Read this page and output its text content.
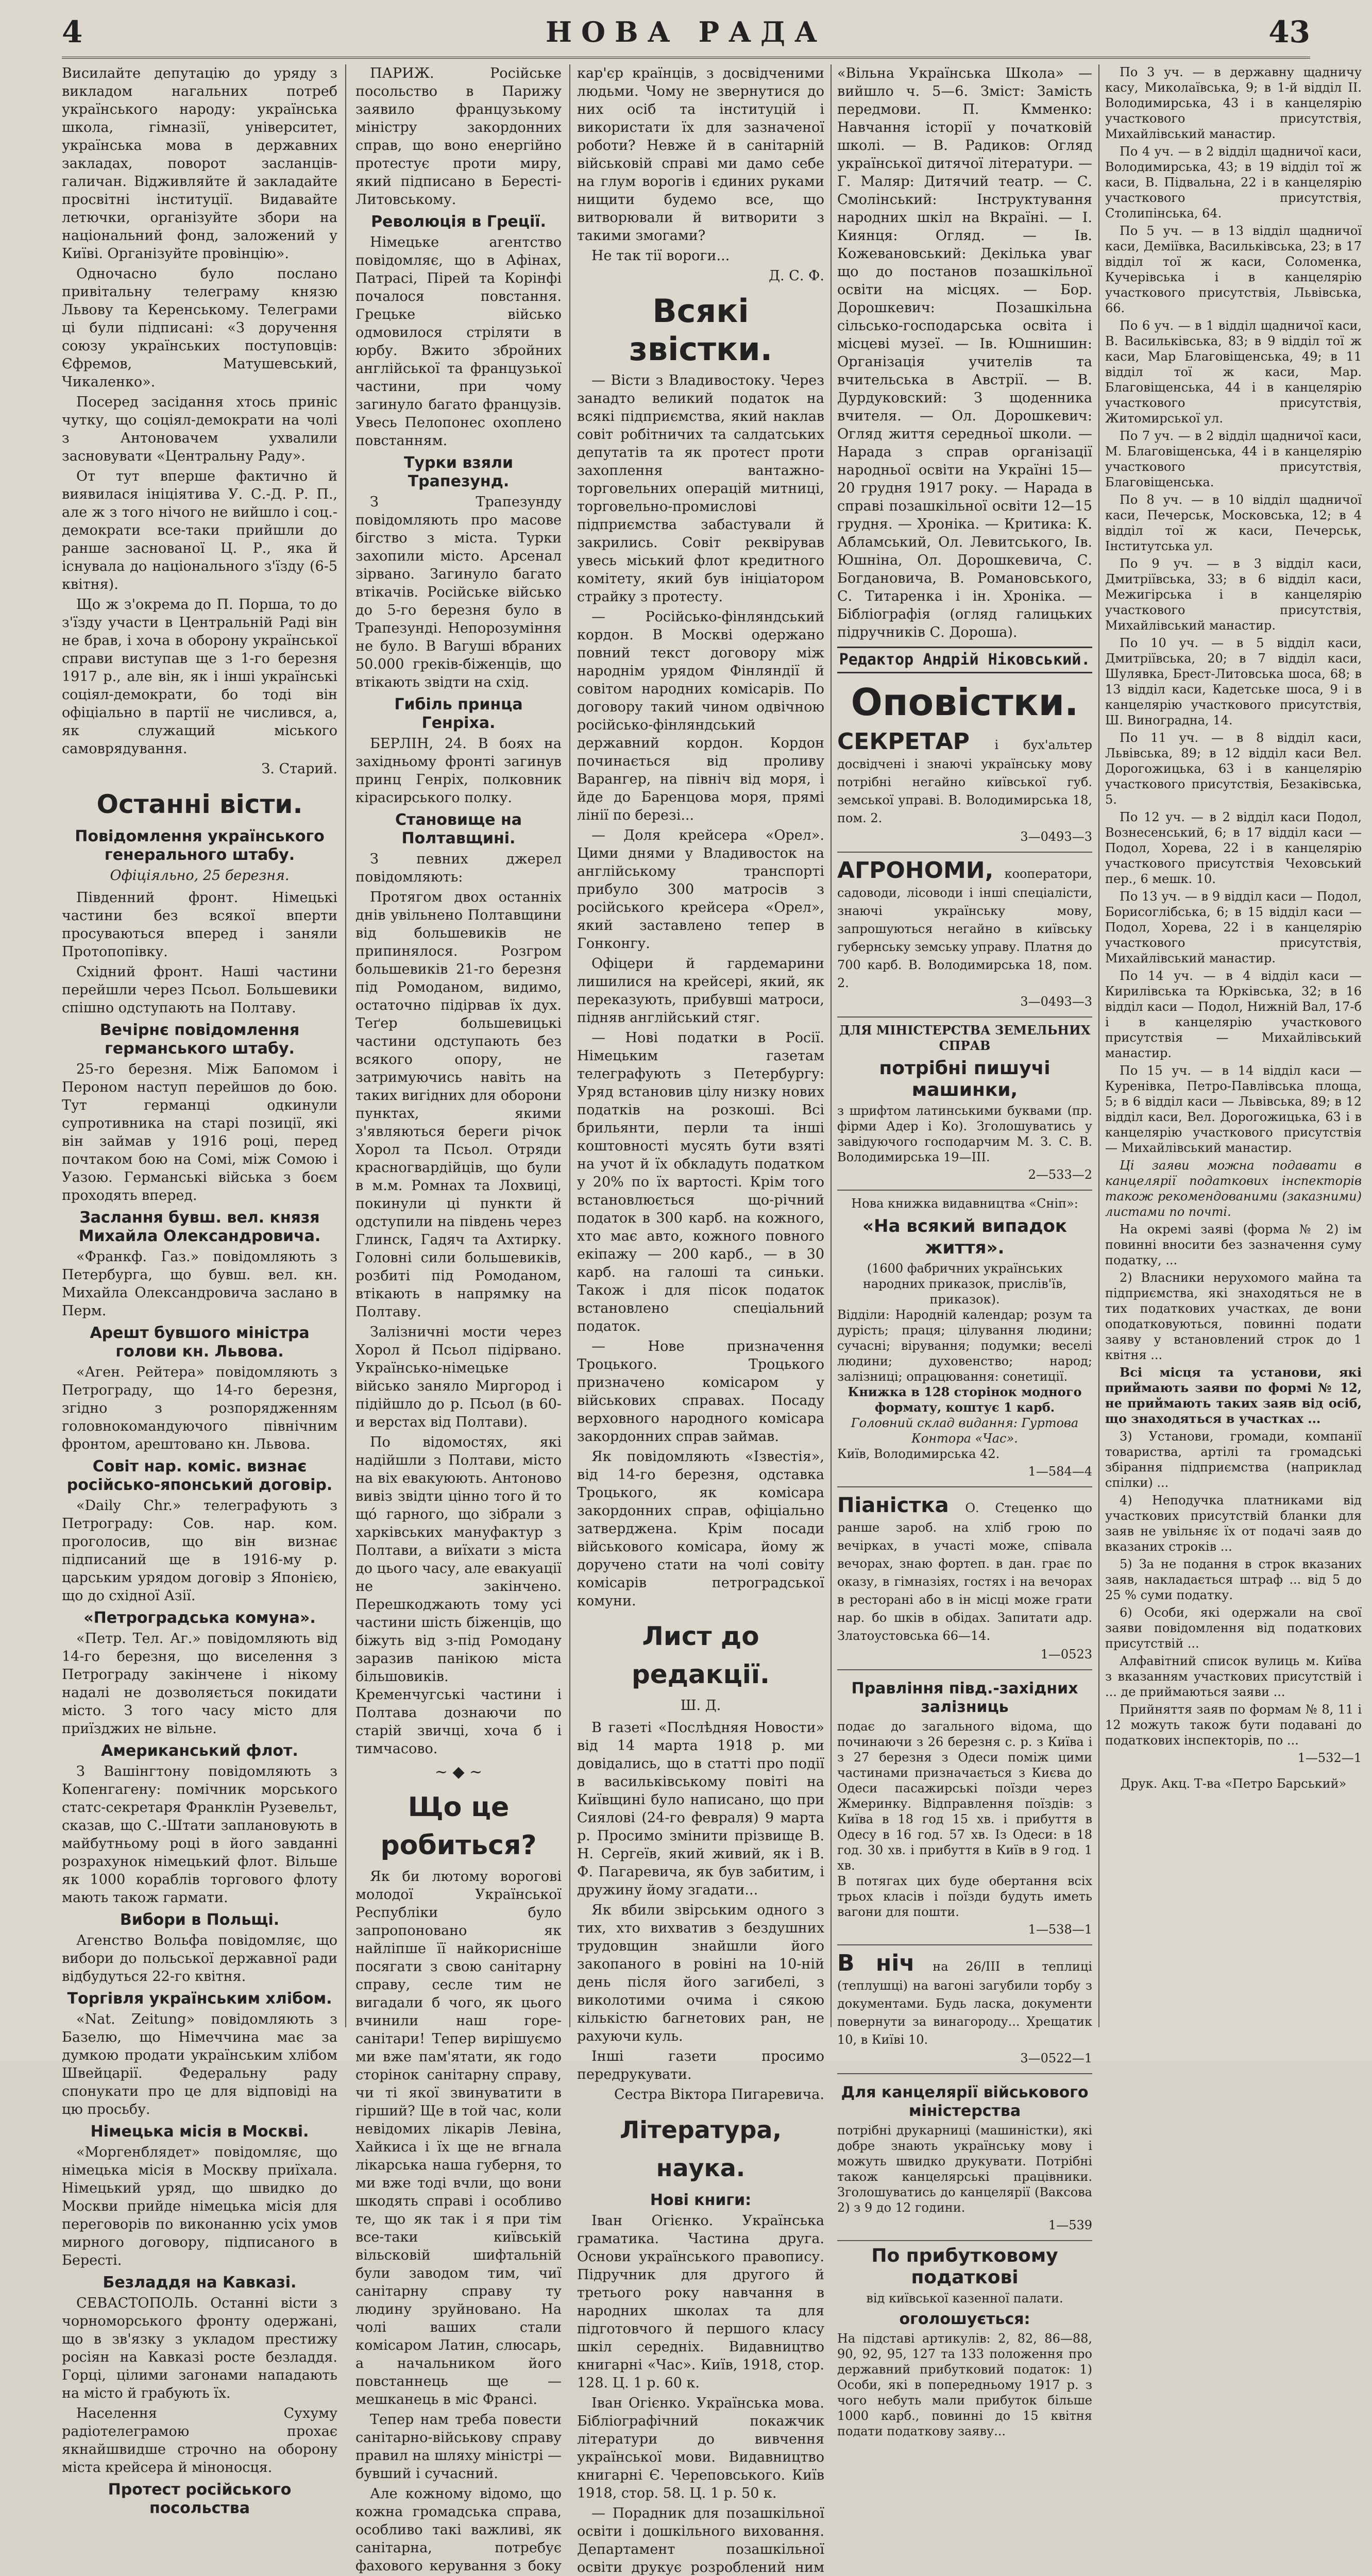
4	НОВА РАДА	43

Висилайте депутацію до уряду з викладом нагальних потреб українського народу: українська школа, гімназії, університет, українська мова в державних закладах, поворот засланців-галичан. Відживляйте й закладайте просвітні інституції. Видавайте летючки, організуйте збори на національний фонд, заложений у Київі. Організуйте провінцію».

Одночасно було послано привітальну телеграму князю Львову та Керенському. Телеграми ці були підписані: «З доручення союзу українських поступовців: Єфремов, Матушевський, Чикаленко».

Посеред засідання хтось приніс чутку, що соціял-демократи на чолі з Антоновачем ухвалили засновувати «Центральну Раду».

От тут вперше фактично й виявилася ініціятива У. С.-Д. Р. П., але ж з того нічого не вийшло і соц.-демократи все-таки прийшли до ранше заснованої Ц. Р., яка й існувала до національного з'їзду (6-5 квітня).

Що ж з'окрема до П. Порша, то до з'їзду участи в Центральній Раді він не брав, і хоча в оборону української справи виступав ще з 1-го березня 1917 р., але він, як і інші українські соціял-демократи, бо тоді він офіціально в партії не числився, а, як служащий міського самоврядування.

З. Старий.
Останні вісти.
Повідомлення українського генерального штабу.
Офіціяльно, 25 березня.

Південний фронт. Німецькі частини без всякої вперти просуваються вперед і заняли Протопопівку.

Східний фронт. Наші частини перейшли через Псьол. Большевики спішно одступають на Полтаву.

Вечірнє повідомлення германського штабу.

25-го березня. Між Бапомом і Пероном наступ перейшов до бою. Тут германці одкинули супротивника на старі позиції, які він займав у 1916 році, перед почтаком бою на Сомі, між Сомою і Уазою. Германські війська з боєм проходять вперед.

Заслання бувш. вел. князя Михайла Олександровича.

«Франкф. Газ.» повідомляють з Петербурга, що бувш. вел. кн. Михайла Олександровича заслано в Перм.

Арешт бувшого міністра голови кн. Львова.

«Аген. Рейтера» повідомляють з Петрограду, що 14-го березня, згідно з розпорядженням головнокомандуючого північним фронтом, арештовано кн. Львова.

Совіт нар. коміс. визнає російсько-японський договір.

«Daily Chr.» телеграфують з Петрограду: Сов. нар. ком. проголосив, що він визнає підписаний ще в 1916-му р. царським урядом договір з Японією, що до східної Азії.

«Петроградська комуна».

«Петр. Тел. Аг.» повідомляють від 14-го березня, що виселення з Петрограду закінчене і нікому надалі не дозволяється покидати місто. З того часу місто для приїзджих не вільне.

Американський флот.

З Вашінгтону повідомляють з Копенгагену: помічник морського статс-секретаря Франклін Рузевельт, сказав, що С.-Штати заплановують в майбутньому році в його завданні розрахунок німецький флот. Вільше як 1000 кораблів торгового флоту мають також гармати.

Вибори в Польщі.

Агенство Вольфа повідомляє, що вибори до польської державної ради відбудуться 22-го квітня.

Торгівля українським хлібом.

«Nat. Zeitung» повідомляють з Базелю, що Німеччина має за думкою продати українським хлібом Швейцарії. Федеральну раду спонукати про це для відповіді на цю просьбу.

Німецька місія в Москві.

«Моргенблядет» повідомляє, що німецька місія в Москву приїхала. Німецький уряд, що швидко до Москви прийде німецька місія для переговорів по виконанню усіх умов мирного договору, підписаного в Бересті.

Безладдя на Кавказі.

СЕВАСТОПОЛЬ. Останні вісти з чорноморського фронту одержані, що в зв'язку з укладом престижу росіян на Кавказі росте безладдя. Горці, цілими загонами нападають на місто й грабують їх.

Населення Сухуму радіотелеграмою прохає якнайшвидше строчно на оборону міста крейсера й міноносця.

Протест російського посольства

ПАРИЖ. Російське посольство в Парижу заявило французькому міністру закордонних справ, що воно енергійно протестує проти миру, який підписано в Бересті-Литовському.

Революція в Греції.

Німецьке агентство повідомляє, що в Афінах, Патрасі, Пірей та Корінфі почалося повстання. Грецьке військо одмовилося стріляти в юрбу. Вжито збройних англійської та французької частини, при чому загинуло багато французів. Увесь Пелопонес охоплено повстанням.

Турки взяли Трапезунд.

З Трапезунду повідомляють про масове бігство з міста. Турки захопили місто. Арсенал зірвано. Загинуло багато втікачів. Російське військо до 5-го березня було в Трапезунді. Непорозуміння не було. В Вагуші вбраних 50.000 греків-біженців, що втікають звідти на схід.

Гибіль принца Генріха.

БЕРЛІН, 24. В боях на західньому фронті загинув принц Генріх, полковник кірасирського полку.

Становище на Полтавщині.

З певних джерел повідомляють:

Протягом двох останніх днів увільнено Полтавщини від большевиків не припинялося. Розгром большевиків 21-го березня під Ромоданом, видимо, остаточно підірвав їх дух. Теґер большевицькі частини одступають без всякого опору, не затримуючись навіть на таких вигідних для оборони пунктах, якими з'являються береги річок Хорол та Псьол. Отряди красногвардійців, що були в м.м. Ромнах та Лохвиці, покинули ці пункти й одступили на південь через Глинск, Гадяч та Ахтирку. Головні сили большевиків, розбиті під Ромоданом, втікають в напрямку на Полтаву.

Залізничні мости через Хорол й Псьол підірвано. Українсько-німецьке військо заняло Миргород і підійшло до р. Псьол (в 60-и верстах від Полтави).

По відомостях, які надійшли з Полтави, місто на віх евакуюють. Антоново вивіз звідти цінно того й то щó гарного, що зібрали з харківських мануфактур з Полтави, а виїхати з міста до цього часу, але евакуації не закінчено. Перешкоджають тому усі частини шість біженців, що біжуть від з-під Ромодану заразив панікою міста більшовиків. Кременчугські частини і Полтава дознаючи по старій звичці, хоча б і тимчасово.

~ ◆ ~
Що це робиться?

Як би лютому ворогові молодої Української Республіки було запропоновано як найліпше її найкорисніше посягати з свою санітарну справу, сесле тим не вигадали б чого, як цього вчинили наш горе-санітари! Тепер вирішуємо ми вже пам'ятати, як годо сторінок санітарну справу, чи ті якої звинуватити в гірший? Ще в той час, коли невідомих лікарів Левіна, Хайкиса і їх ще не вгнала лікарська наша губерня, то ми вже тоді вчли, що вони шкодять справі і особливо те, що як так і я при тім все-таки київській вільсковій шифтальній були заводом тим, чиї санітарну справу ту людину зруйновано. На чолі ваших стали комісаром Латин, слюсарь, а начальником його повстаннець ще — мешканець в міс Франсі.

Тепер нам треба повести санітарно-військову справу правил на шляху міністрі — бувший і сучасний.

Але кожному відомо, що кожна громадська справа, особливо такі важливі, як санітарна, потребує фахового керування з боку

кар'єр країнців, з досвідченими людьми. Чому не звернутися до них осіб та інституцій і використати їх для зазначеної роботи? Невже й в санітарній військовій справі ми дамо себе на глум ворогів і єдиних руками нищити будемо все, що витворювали й витворити з такими змогами?

Не так тії вороги...

Д. С. Ф.
Всякі звістки.

— Вісти з Владивостоку. Через занадто великий податок на всякі підприємства, який наклав совіт робітничих та салдатських депутатів та як протест проти захоплення вантажно-торговельних операцій митниці, торговельно-промислові підприємства забастували й закрились. Совіт реквірував увесь міський флот кредитного комітету, який був ініціатором страйку з протесту.

— Російсько-фінляндський кордон. В Москві одержано повний текст договору між народнім урядом Фінляндії й совітом народних комісарів. По договору такий чином одвічною російсько-фінляндський державний кордон. Кордон починається від проливу Варангер, на північ від моря, і йде до Баренцова моря, прямі лінії по березі...

— Доля крейсера «Орел». Цими днями у Владивосток на англійському транспорті прибуло 300 матросів з російського крейсера «Орел», який заставлено тепер в Гонконгу.

Офіцери й гардемарини лишилися на крейсері, який, як переказують, прибувші матроси, підняв англійський стяг.

— Нові податки в Росії. Німецьким газетам телеграфують з Петербургу: Уряд встановив цілу низку нових податків на розкоші. Всі брильянти, перли та інші коштовності мусять бути взяті на учот й їх обкладуть податком у 20% по їх вартості. Крім того встановлюється що-річний податок в 300 карб. на кожного, хто має авто, кожного повного екіпажу — 200 карб., — в 30 карб. на галоші та синьки. Також і для пісок податок встановлено спеціальний податок.

— Нове призначення Троцького. Троцького призначено комісаром у військових справах. Посаду верховного народного комісара закордонних справ займав.

Як повідомляють «Ізвестія», від 14-го березня, одставка Троцького, як комісара закордонних справ, офіціально затверджена. Крім посади військового комісара, йому ж доручено стати на чолі совіту комісарів петроградської комуни.

Лист до редакції.
Ш. Д.

В газеті «Послѣдняя Новости» від 14 марта 1918 р. ми довідались, що в статті про події в васильківському повіті на Київщині було написано, що при Сиялові (24-го февраля) 9 марта р. Просимо змінити прізвище В. Н. Сергеїв, який живий, як і В. Ф. Пагаревича, як був забитим, і дружину йому згадати...

Як вбили звірським одного з тих, хто вихватив з бездушних трудовщин знайшли його закопаного в ровіні на 10-ній день після його загибелі, з виколотими очима і сякою кількістю багнетових ран, не рахуючи куль.

Інші газети просимо передрукувати.

Сестра Віктора Пигаревича.
Література, наука.
Нові книги:

Іван Огієнко. Українська граматика. Частина друга. Основи українського правопису. Підручник для другого й третього року навчання в народних школах та для підготовчого й першого класу шкіл середніх. Видавництво книгарні «Час». Київ, 1918, стор. 128. Ц. 1 р. 60 к.

Іван Огієнко. Українська мова. Бібліографічний покажчик літератури до вивчення української мови. Видавництво книгарні Є. Череповського. Київ 1918, стор. 58. Ц. 1 р. 50 к.

— Порадник для позашкільної освіти і дошкільного виховання. Департамент позашкільної освіти друкує розроблений ним

«Вільна Українська Школа» — вийшло ч. 5—6. Зміст: Замість передмови. П. Кмменко: Навчання історії у початковій школі. — В. Радиков: Огляд української дитячої літератури. — Г. Маляр: Дитячий театр. — С. Смолінський: Інструктування народних шкіл на Вкраїні. — І. Киянця: Огляд. — Ів. Кожевановський: Декілька уваг що до постанов позашкільної освіти на місцях. — Бор. Дорошкевич: Позашкільна сільсько-господарська освіта і місцеві музеї. — Ів. Юшнишин: Організація учителів та вчительська в Австрії. — В. Дурдуковский: З щоденника вчителя. — Ол. Дорошкевич: Огляд життя середньої школи. — Нарада з справ організації народньої освіти на Україні 15—20 грудня 1917 року. — Нарада в справі позашкільної освіти 12—15 грудня. — Хроніка. — Критика: К. Абламський, Ол. Левитського, Ів. Юшніна, Ол. Дорошкевича, С. Богдановича, В. Романовського, С. Титаренка і ін. Хроніка. — Бібліографія (огляд галицьких підручників С. Дороша).

Редактор Андрій Ніковський.
Оповістки.
СЕКРЕТАР і бух'альтер досвідчені і знаючі українську мову потрібні негайно київської губ. земської управі. В. Володимирська 18, пом. 2.
3—0493—3
АГРОНОМИ, кооператори, садоводи, лісоводи і інші спеціалісти, знаючі українську мову, запрошуються негайно в київську губернську земську управу. Платня до 700 карб. В. Володимирська 18, пом. 2.
3—0493—3
ДЛЯ МІНІСТЕРСТВА ЗЕМЕЛЬНИХ СПРАВ
потрібні пишучі машинки,
з шрифтом латинськими буквами (пр. фірми Адер і Ко). Зголошуватись у завідуючого господарчим М. З. С. В. Володимирська 19—ІІІ.
2—533—2
Нова книжка видавництва «Сніп»:
«На всякий випадок життя».
(1600 фабричних українських народних приказок, прислів'їв, приказок).
Відділи: Народній календар; розум та дурість; праця; цілування людини; сучасні; вірування; подумки; веселі людини; духовенство; народ; залізниці; опрацювання: сонетиції.
Книжка в 128 сторінок модного формату, коштує 1 карб.
Головний склад видання: Гуртова Контора «Час».
Київ, Володимирська 42.
1—584—4
Піаністка О. Стеценко що ранше зароб. на хліб грою по вечірках, в участі може, співала вечорах, знаю фортеп. в дан. грає по оказу, в гімназіях, гостях і на вечорах в ресторані або в ін місці може грати нар. бо шків в обідах. Запитати адр. Златоустовська 66—14.
1—0523
Правління півд.-західних залізниць
подає до загального відома, що починаючи з 26 березня с. р. з Київа і з 27 березня з Одеси поміж цими частинами призначається з Києва до Одеси пасажирські поїзди через Жмеринку. Відправлення поїздів: з Київа в 18 год 15 хв. і прибуття в Одесу в 16 год. 57 хв. Із Одеси: в 18 год. 30 хв. і прибуття в Київ в 9 год. 1 хв.
В потягах цих буде обертання всіх трьох класів і поїзди будуть иметь вагони для пошти.
1—538—1
В ніч на 26/ІІІ в теплиці (теплушці) на вагоні загубили торбу з документами. Будь ласка, документи повернути за винагороду... Хрещатик 10, в Київі 10.
3—0522—1
Для канцелярії військового міністерства
потрібні друкарниці (машиністки), які добре знають українську мову і можуть швидко друкувати. Потрібні також канцелярські працівники. Зголошуватись до канцелярії (Ваксова 2) з 9 до 12 години.
1—539
По прибутковому податкові
від київської казенної палати.
оголошується:
На підставі артикулів: 2, 82, 86—88, 90, 92, 95, 127 та 133 положення про державний прибутковий податок: 1) Особи, які в попередньому 1917 р. з чого небуть мали прибуток більше 1000 карб., повинні до 15 квітня подати податкову заяву...

По 3 уч. — в державну щадничу касу, Миколаївська, 9; в 1-й відділ ІІ. Володимирська, 43 і в канцелярію участкового присутствія, Михайлівський манастир.

По 4 уч. — в 2 відділ щадничої каси, Володимирська, 43; в 19 відділ тої ж каси, В. Підвальна, 22 і в канцелярію участкового присутствія, Столипінська, 64.

По 5 уч. — в 13 відділ щадничої каси, Деміївка, Васильківська, 23; в 17 відділ тої ж каси, Соломенка, Кучерівська і в канцелярію участкового присутствія, Львівська, 66.

По 6 уч. — в 1 відділ щадничої каси, В. Васильківська, 83; в 9 відділ тої ж каси, Мар Благовіщенська, 49; в 11 відділ тої ж каси, Мар. Благовіщенська, 44 і в канцелярію участкового присутствія, Житомирської ул.

По 7 уч. — в 2 відділ щадничої каси, М. Благовіщенська, 44 і в канцелярію участкового присутствія, Благовіщенська.

По 8 уч. — в 10 відділ щадничої каси, Печерськ, Московська, 12; в 4 відділ тої ж каси, Печерськ, Інститутська ул.

По 9 уч. — в 3 відділ каси, Дмитріївська, 33; в 6 відділ каси, Межигірська і в канцелярію участкового присутствія, Михайлівський манастир.

По 10 уч. — в 5 відділ каси, Дмитріївська, 20; в 7 відділ каси, Шулявка, Брест-Литовська шоса, 68; в 13 відділ каси, Кадетське шоса, 9 і в канцелярію участкового присутствія, Ш. Виноградна, 14.

По 11 уч. — в 8 відділ каси, Львівська, 89; в 12 відділ каси Вел. Дорогожицька, 63 і в канцелярію участкового присутствія, Безаківська, 5.

По 12 уч. — в 2 відділ каси Подол, Вознесенський, 6; в 17 відділ каси — Подол, Хорева, 22 і в канцелярію участкового присутствія Чеховський пер., 6 мешк. 10.

По 13 уч. — в 9 відділ каси — Подол, Борисоглібська, 6; в 15 відділ каси — Подол, Хорева, 22 і в канцелярію участкового присутствія, Михайлівський манастир.

По 14 уч. — в 4 відділ каси — Кирилівська та Юрківська, 32; в 16 відділ каси — Подол, Нижній Вал, 17-б і в канцелярію участкового присутствія — Михайлівський манастир.

По 15 уч. — в 14 відділ каси — Куренівка, Петро-Павлівська площа, 5; в 6 відділ каси — Львівська, 89; в 12 відділ каси, Вел. Дорогожицька, 63 і в канцелярію участкового присутствія — Михайлівський манастир.

Ці заяви можна подавати в канцелярії податкових інспекторів також рекомендованими (заказними) листами по почті.

На окремі заяві (форма № 2) ім повинні вносити без зазначення суму податку, ...

2) Власники нерухомого майна та підприємства, які знаходяться не в тих податкових участках, де вони оподатковуються, повинні подати заяву у встановлений строк до 1 квітня ...

Всі місця та установи, які приймають заяви по формі № 12, не приймають таких заяв від осіб, що знаходяться в участках ...

3) Установи, громади, компанії товариства, артілі та громадські збірання підприємства (наприклад спілки) ...

4) Неподучка платниками від участкових присутствій бланки для заяв не увільняє їх от подачі заяв до вказаних строків ...

5) За не подання в строк вказаних заяв, накладається штраф ... від 5 до 25 % суми податку.

6) Особи, які одержали на свої заяви повідомлення від податкових присутствій ...

Алфавітний список вулиць м. Київа з вказанням участкових присутствій і ... де приймаються заяви ...

Прийняття заяв по формам № 8, 11 і 12 можуть також бути подавані до податкових інспекторів, по ...

1—532—1
Друк. Акц. Т-ва «Петро Барський»
